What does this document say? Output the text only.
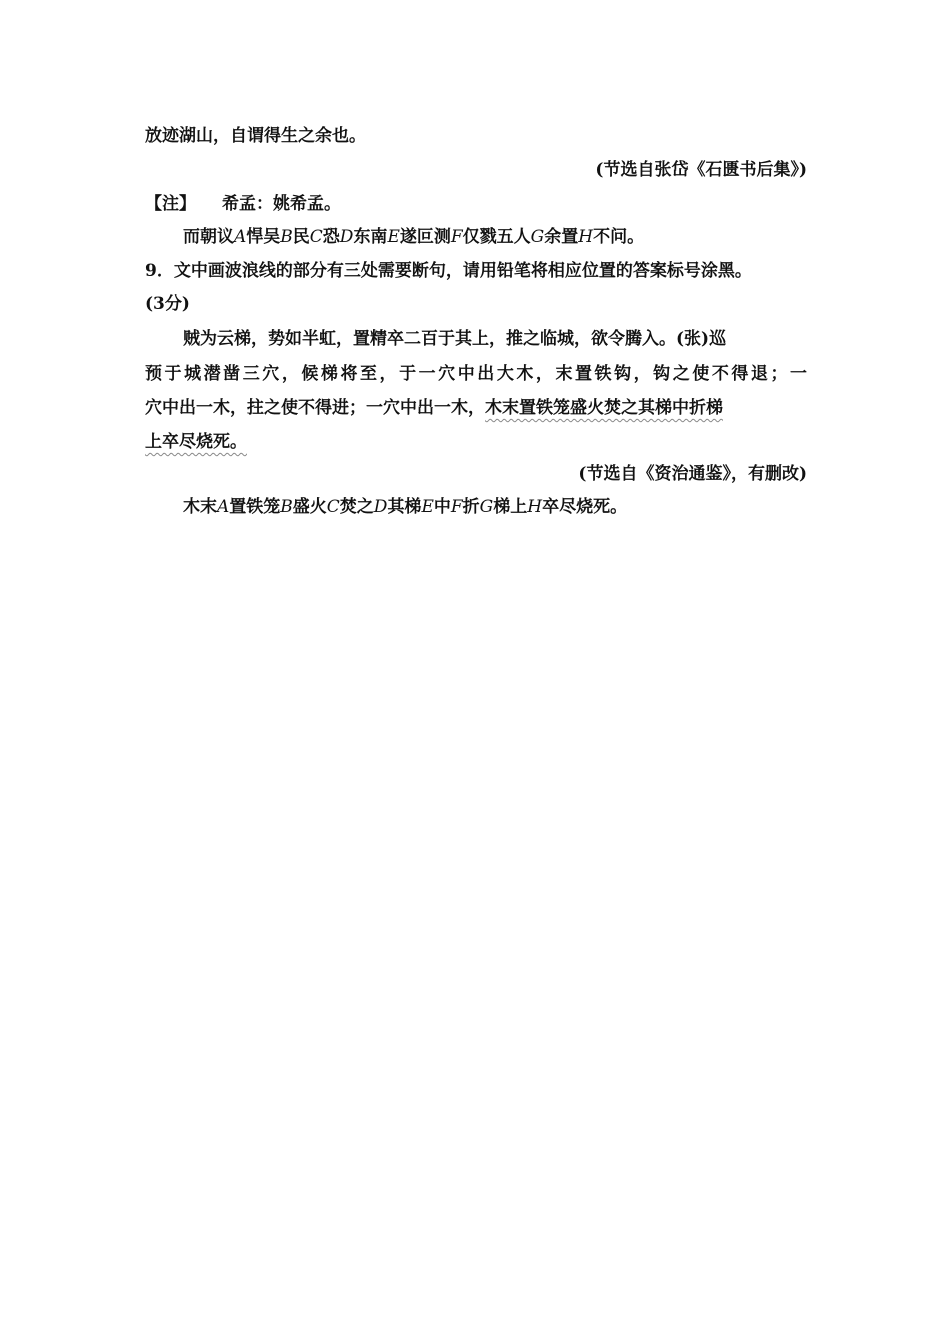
放迹湖山，自谓得生之余也。
(节选自张岱《石匮书后集》)
【注】 希孟：姚希孟。
而朝议A悍吴B民C恐D东南E遂叵测F仅戮五人G余置H不问。
9．文中画波浪线的部分有三处需要断句，请用铅笔将相应位置的答案标号涂黑。
(3分)
贼为云梯，势如半虹，置精卒二百于其上，推之临城，欲令腾入。(张)巡
预于城潜凿三穴，候梯将至，于一穴中出大木，末置铁钩，钩之使不得退；一
穴中出一木，拄之使不得进；一穴中出一木，木末置铁笼盛火焚之其梯中折梯
上卒尽烧死。
(节选自《资治通鉴》，有删改)
木末A置铁笼B盛火C焚之D其梯E中F折G梯上H卒尽烧死。
